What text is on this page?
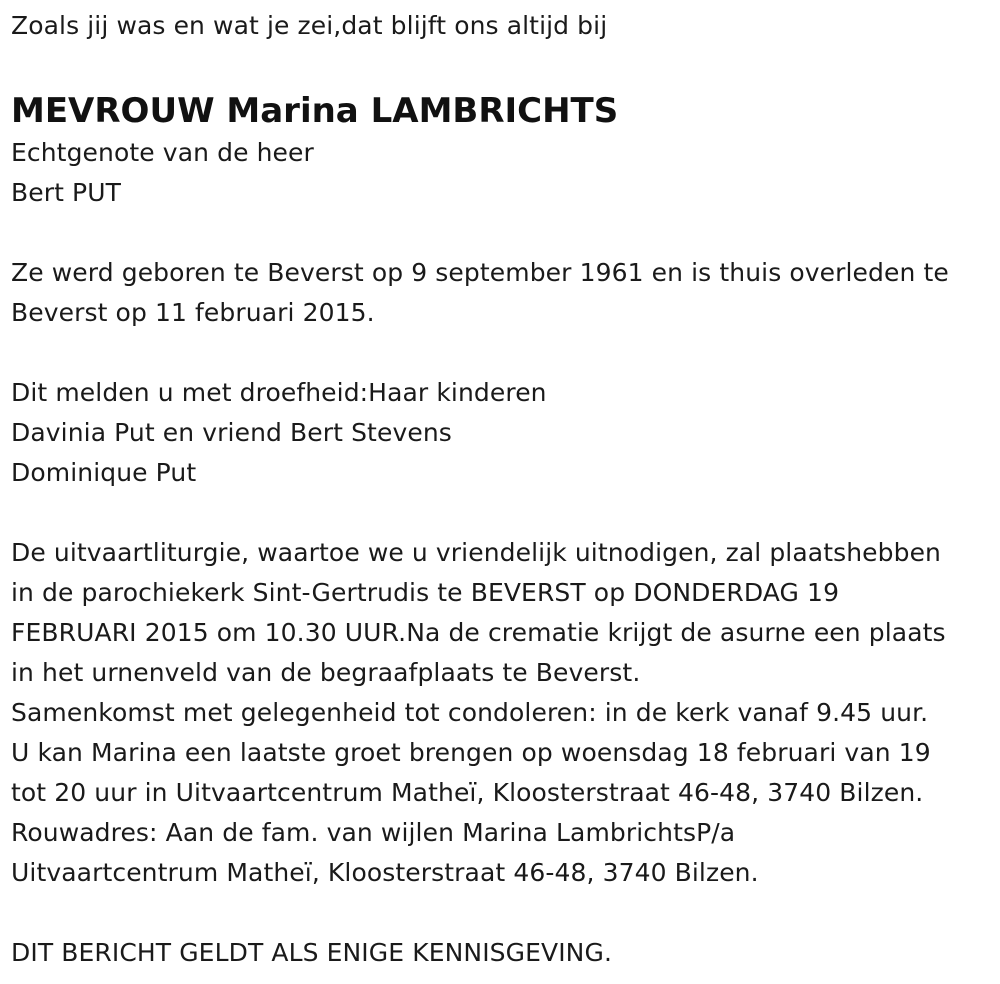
Zoals jij was en wat je zei,dat blijft ons altijd bij
MEVROUW Marina LAMBRICHTS
Echtgenote van de heer
Bert PUT
Ze werd geboren te Beverst op 9 september 1961 en is thuis overleden te
Beverst op 11 februari 2015.
Dit melden u met droefheid:Haar kinderen
Davinia Put en vriend Bert Stevens
Dominique Put
De uitvaartliturgie, waartoe we u vriendelijk uitnodigen, zal plaatshebben
in de parochiekerk Sint-Gertrudis te BEVERST op DONDERDAG 19
FEBRUARI 2015 om 10.30 UUR.Na de crematie krijgt de asurne een plaats
in het urnenveld van de begraafplaats te Beverst.
Samenkomst met gelegenheid tot condoleren: in de kerk vanaf 9.45 uur.
U kan Marina een laatste groet brengen op woensdag 18 februari van 19
tot 20 uur in Uitvaartcentrum Matheï, Kloosterstraat 46-48, 3740 Bilzen.
Rouwadres: Aan de fam. van wijlen Marina LambrichtsP/a
Uitvaartcentrum Matheï, Kloosterstraat 46-48, 3740 Bilzen.
DIT BERICHT GELDT ALS ENIGE KENNISGEVING.
